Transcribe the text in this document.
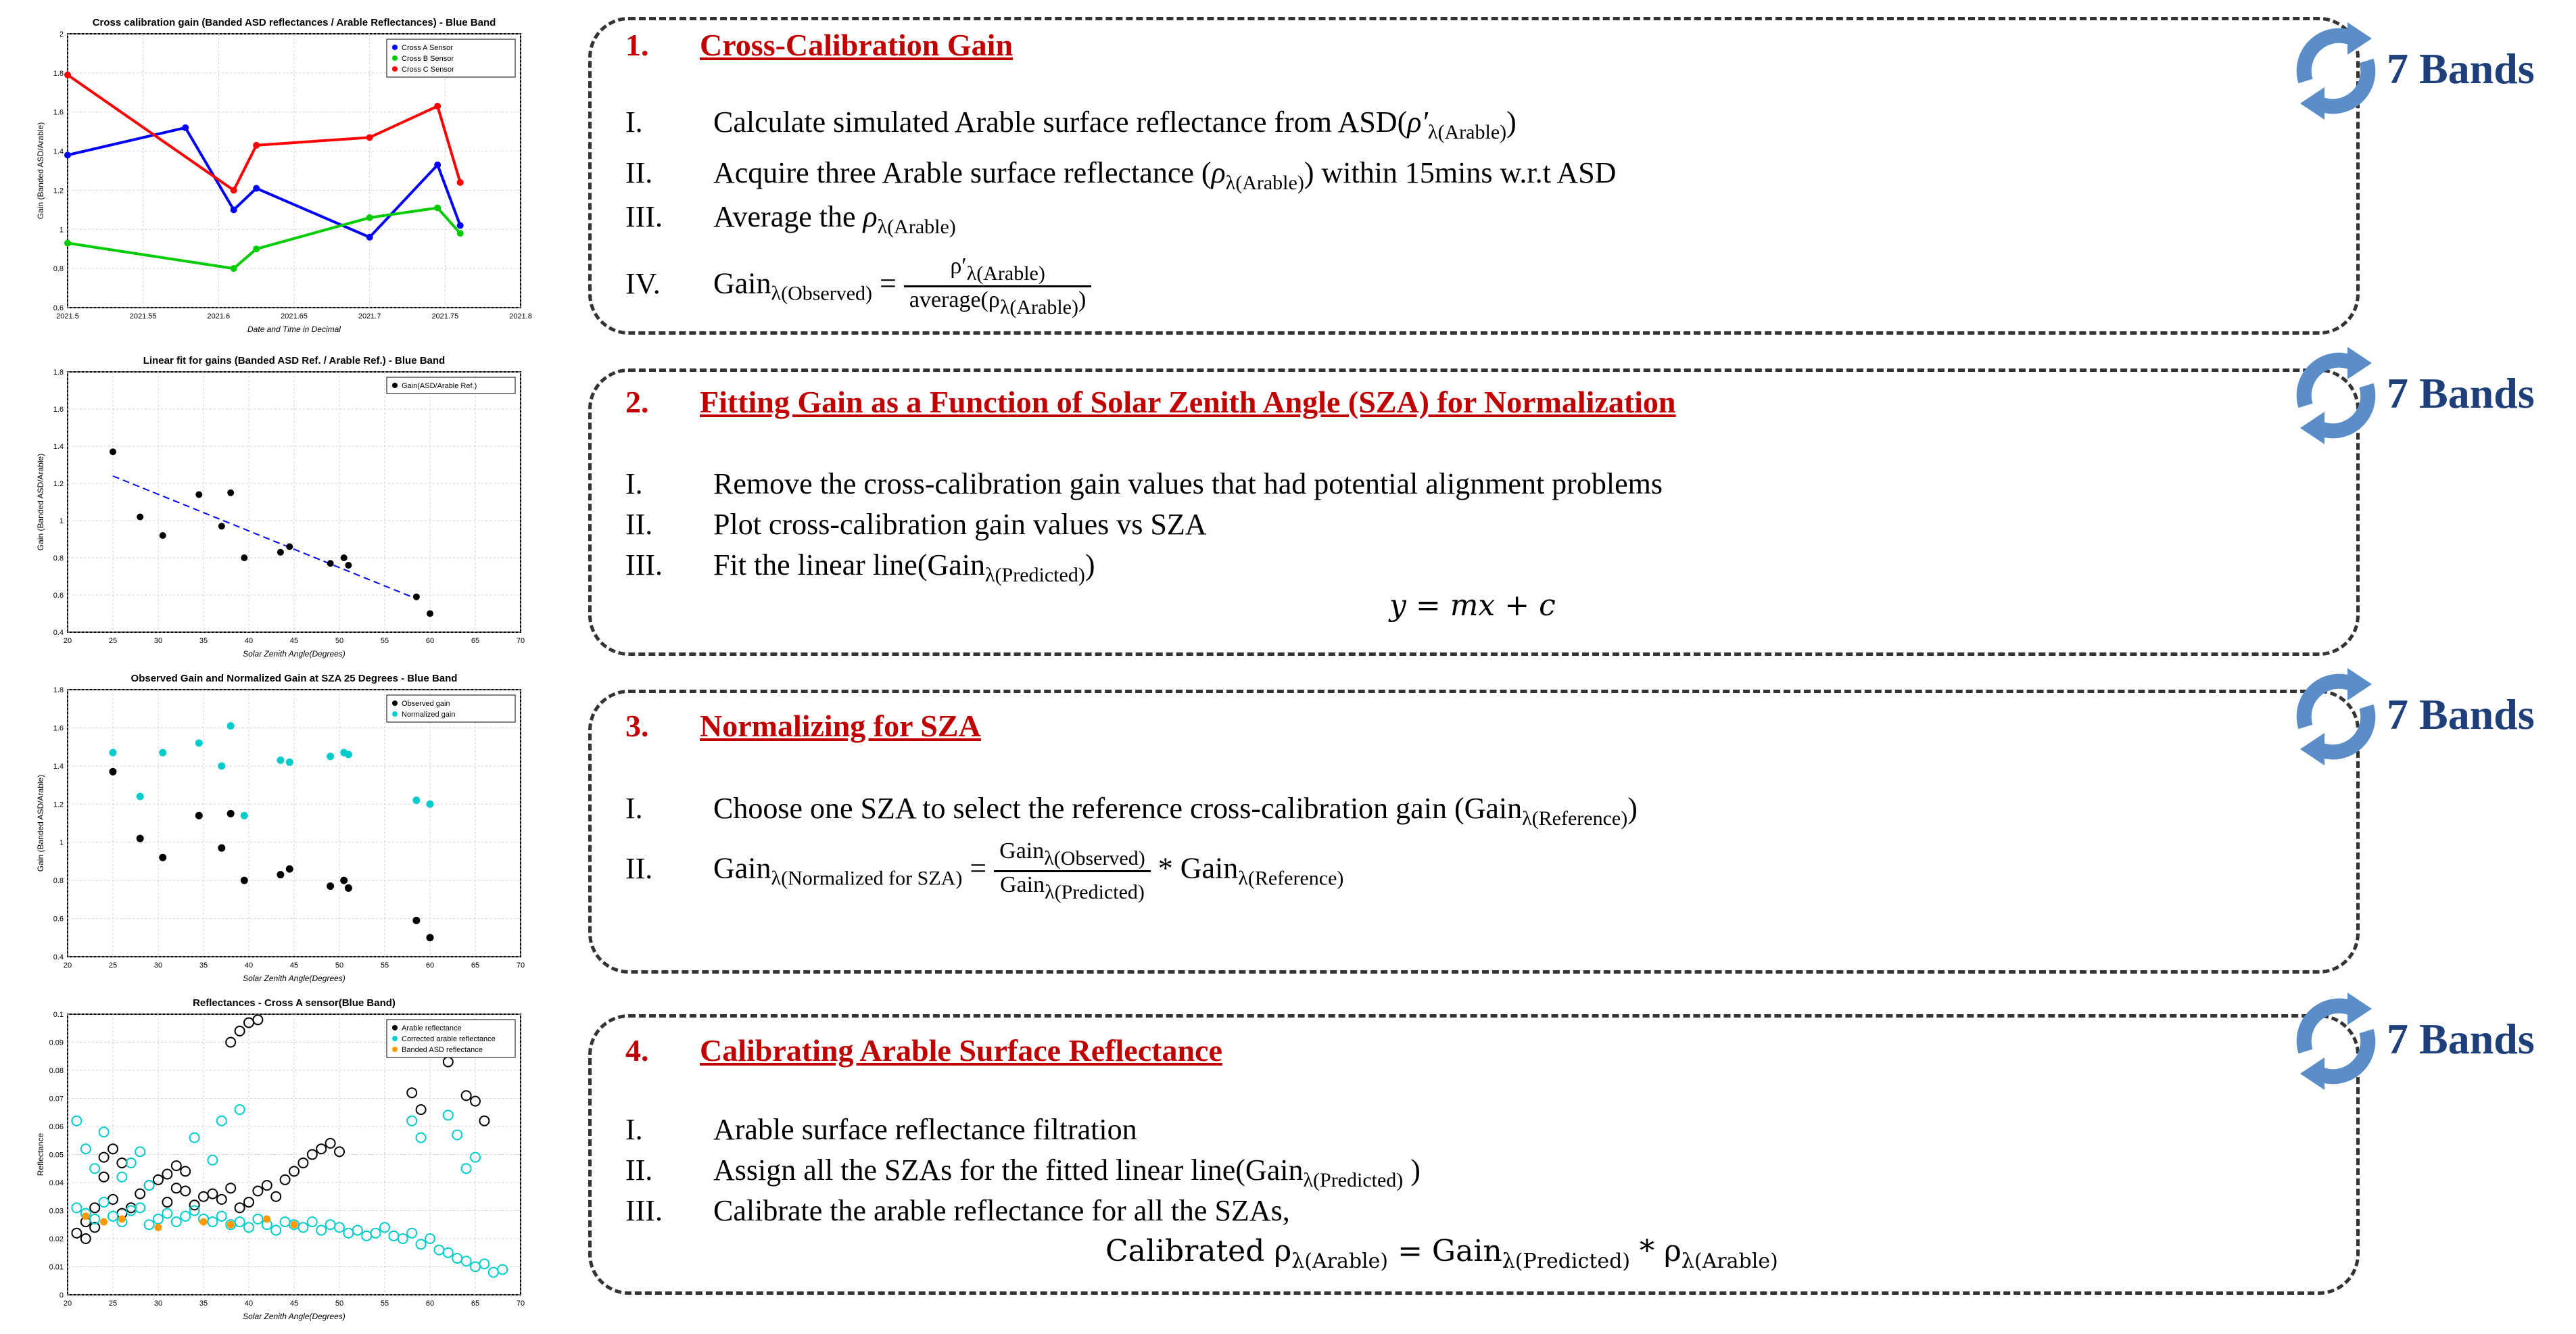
Cross calibration gain (Banded ASD reflectances / Arable Reflectances) - Blue Band
2021.5	2021.55	2021.6	2021.65	2021.7	2021.75	2021.8
0.6
0.8
1
1.2
1.4
1.6
1.8
2
Date and Time in Decimal
Gain (Banded ASD/Arable)
Cross A Sensor
Cross B Sensor
Cross C Sensor
Linear fit for gains (Banded ASD Ref. / Arable Ref.) - Blue Band
20	25	30	35	40	45	50	55	60	65	70
0.4
0.6
0.8
1
1.2
1.4
1.6
1.8
Solar Zenith Angle(Degrees)
Gain (Banded ASD/Arable)
Gain(ASD/Arable Ref.)
Observed Gain and Normalized Gain at SZA 25 Degrees - Blue Band
20	25	30	35	40	45	50	55	60	65	70
0.4
0.6
0.8
1
1.2
1.4
1.6
1.8
Solar Zenith Angle(Degrees)
Gain (Banded ASD/Arable)
Observed gain
Normalized gain
Reflectances - Cross A sensor(Blue Band)
20	25	30	35	40	45	50	55	60	65	70
0
0.01
0.02
0.03
0.04
0.05
0.06
0.07
0.08
0.09
0.1
Solar Zenith Angle(Degrees)
Reflectance
Arable reflectance
Corrected arable reflectance
Banded ASD reflectance
1. Cross-Calibration Gain
I. Calculate simulated Arable surface reflectance from $ASD(\rho'_{\lambda(Arable)})$
II. Acquire three Arable surface reflectance $(\rho_{\lambda(Arable)})$ within 15mins w.r.t ASD
III. Average the $\rho_{\lambda(Arable)}$
IV. Gain$_{\lambda(Observed)}$ = $\frac{\text{ρ′λ(Arable)}}{\text{average(ρλ(Arable))}}$
2. Fitting Gain as a Function of Solar Zenith Angle (SZA) for Normalization
I. Remove the cross-calibration gain values that had potential alignment problems
II. Plot cross-calibration gain values vs SZA
III. Fit the linear line(Gain$_{\lambda(Predicted)}$)
y = mx + c
3. Normalizing for SZA
I. Choose one SZA to select the reference cross-calibration gain (Gain$_{\lambda(Reference)}$)
II. Gain$_{\lambda(Normalized for SZA)}$ = $\frac{\text{Gainλ(Observed)}}{\text{Gainλ(Predicted)}}$ * Gain$_{\lambda(Reference)}$
4. Calibrating Arable Surface Reflectance
I. Arable surface reflectance filtration
II. Assign all the SZAs for the fitted linear line(Gain$_{\lambda(Predicted)}$ )
III. Calibrate the arable reflectance for all the SZAs,
Calibrated $\rho_{\lambda(Arable)}$ = Gain$_{\lambda(Predicted)}$ * $\rho_{\lambda(Arable)}$
7 Bands
7 Bands
7 Bands
7 Bands
